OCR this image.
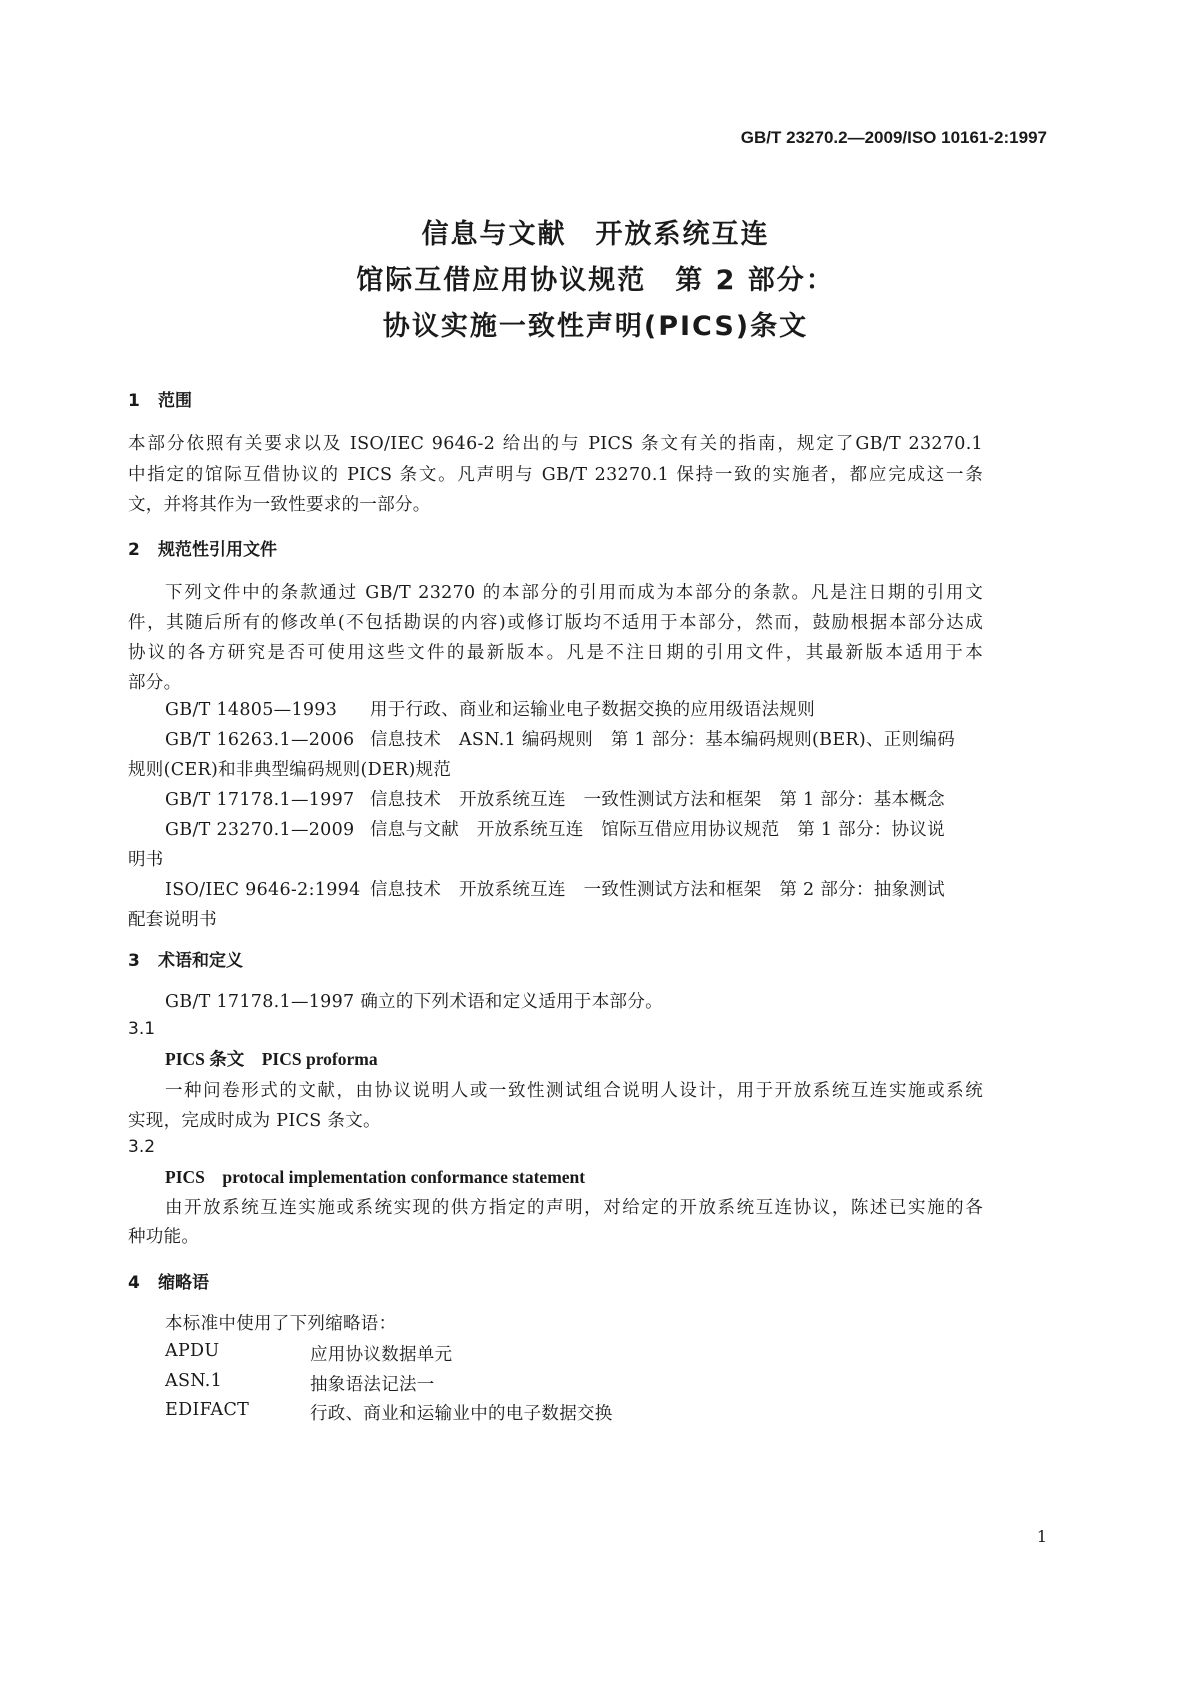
GB/T 23270.2—2009/ISO 10161-2:1997
信息与文献　开放系统互连
馆际互借应用协议规范　第 2 部分：
协议实施一致性声明(PICS)条文
1 范围
本部分依照有关要求以及 ISO/IEC 9646-2 给出的与 PICS 条文有关的指南，规定了GB/T 23270.1
中指定的馆际互借协议的 PICS 条文。凡声明与 GB/T 23270.1 保持一致的实施者，都应完成这一条
文，并将其作为一致性要求的一部分。
2 规范性引用文件
下列文件中的条款通过 GB/T 23270 的本部分的引用而成为本部分的条款。凡是注日期的引用文
件，其随后所有的修改单(不包括勘误的内容)或修订版均不适用于本部分，然而，鼓励根据本部分达成
协议的各方研究是否可使用这些文件的最新版本。凡是不注日期的引用文件，其最新版本适用于本
部分。
GB/T 14805—1993 用于行政、商业和运输业电子数据交换的应用级语法规则
GB/T 16263.1—2006 信息技术　ASN.1 编码规则　第 1 部分：基本编码规则(BER)、正则编码
规则(CER)和非典型编码规则(DER)规范
GB/T 17178.1—1997 信息技术　开放系统互连　一致性测试方法和框架　第 1 部分：基本概念
GB/T 23270.1—2009 信息与文献　开放系统互连　馆际互借应用协议规范　第 1 部分：协议说
明书
ISO/IEC 9646-2:1994 信息技术　开放系统互连　一致性测试方法和框架　第 2 部分：抽象测试
配套说明书
3 术语和定义
GB/T 17178.1—1997 确立的下列术语和定义适用于本部分。
3.1
PICS 条文　PICS proforma
一种问卷形式的文献，由协议说明人或一致性测试组合说明人设计，用于开放系统互连实施或系统
实现，完成时成为 PICS 条文。
3.2
PICS　protocal implementation conformance statement
由开放系统互连实施或系统实现的供方指定的声明，对给定的开放系统互连协议，陈述已实施的各
种功能。
4 缩略语
本标准中使用了下列缩略语：
APDU	应用协议数据单元
ASN.1	抽象语法记法一
EDIFACT	行政、商业和运输业中的电子数据交换
1
